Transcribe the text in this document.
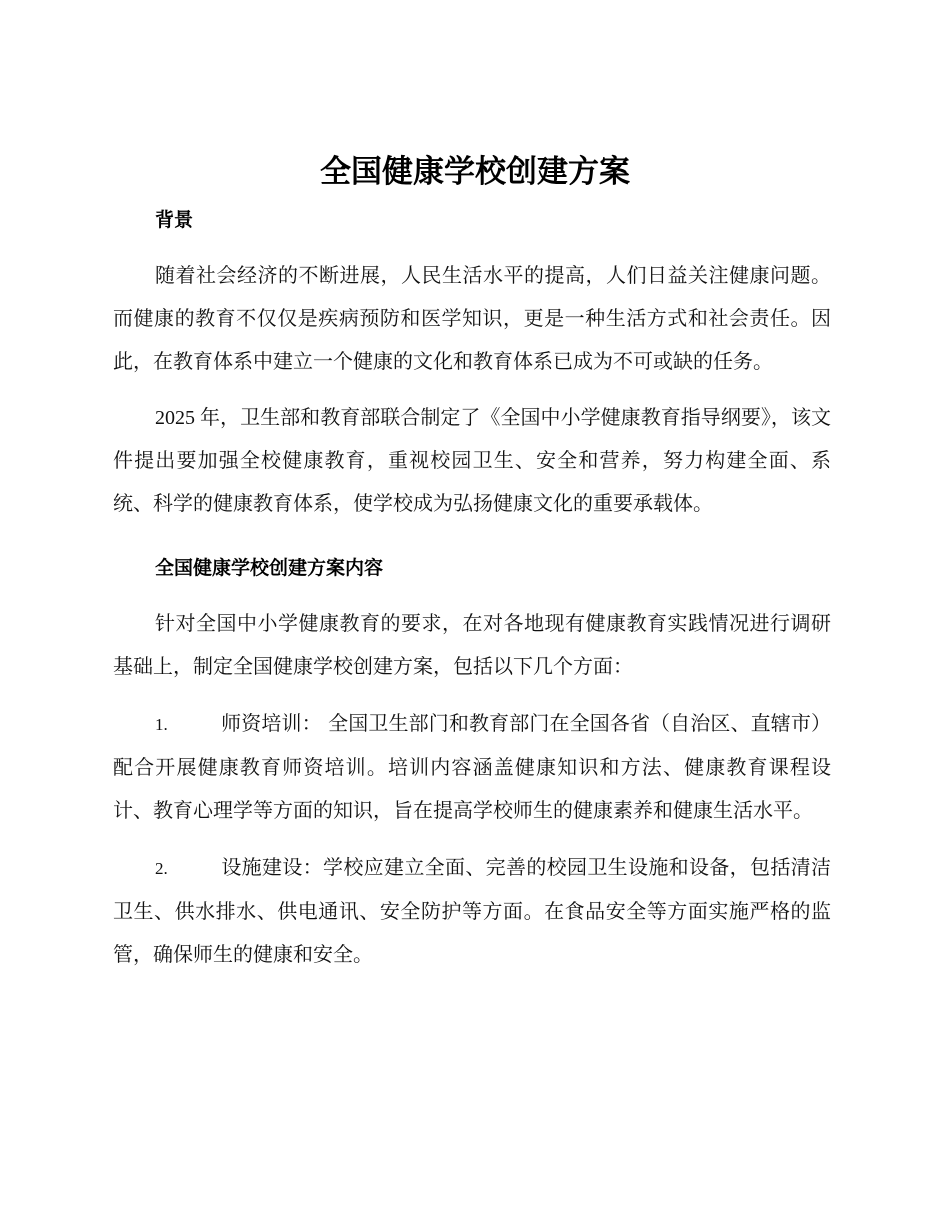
全国健康学校创建方案
背景

随着社会经济的不断进展，人民生活水平的提高，人们日益关注健康问题。而健康的教育不仅仅是疾病预防和医学知识，更是一种生活方式和社会责任。因此，在教育体系中建立一个健康的文化和教育体系已成为不可或缺的任务。

2025 年，卫生部和教育部联合制定了《全国中小学健康教育指导纲要》，该文件提出要加强全校健康教育，重视校园卫生、安全和营养，努力构建全面、系统、科学的健康教育体系，使学校成为弘扬健康文化的重要承载体。

全国健康学校创建方案内容

针对全国中小学健康教育的要求，在对各地现有健康教育实践情况进行调研基础上，制定全国健康学校创建方案，包括以下几个方面：

1.	师资培训： 全国卫生部门和教育部门在全国各省（自治区、直辖市）配合开展健康教育师资培训。培训内容涵盖健康知识和方法、健康教育课程设计、教育心理学等方面的知识，旨在提高学校师生的健康素养和健康生活水平。

2.	设施建设：学校应建立全面、完善的校园卫生设施和设备，包括清洁卫生、供水排水、供电通讯、安全防护等方面。在食品安全等方面实施严格的监管，确保师生的健康和安全。
